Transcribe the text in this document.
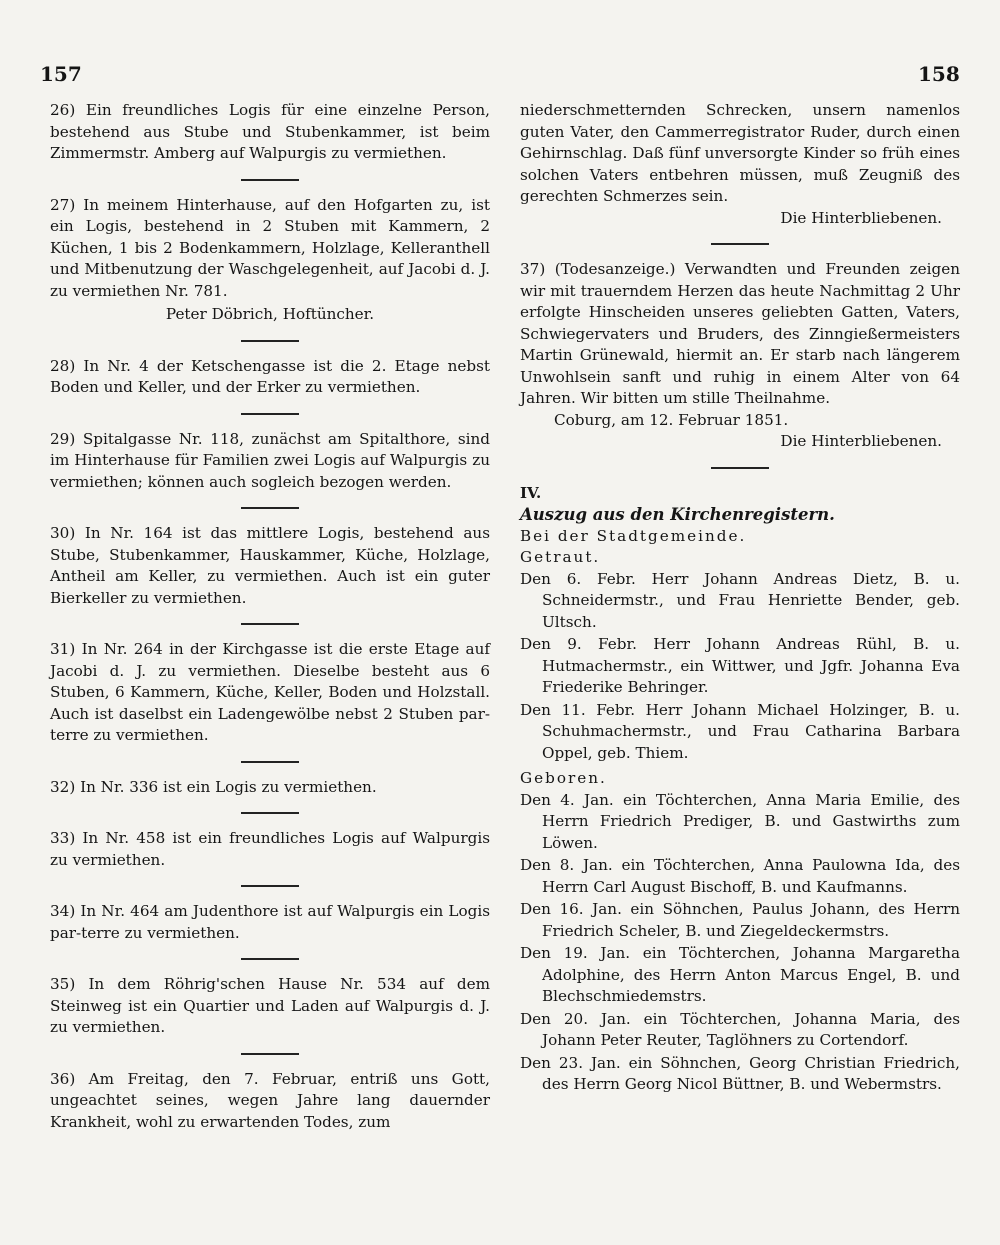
157	158

26) Ein freundliches Logis für eine einzelne Person, bestehend aus Stube und Stubenkammer, ist beim Zimmermstr. Amberg auf Walpurgis zu vermiethen.

27) In meinem Hinterhause, auf den Hofgarten zu, ist ein Logis, bestehend in 2 Stuben mit Kammern, 2 Küchen, 1 bis 2 Bodenkammern, Holzlage, Kelleranthell und Mitbenutzung der Waschgelegenheit, auf Jacobi d. J. zu vermiethen Nr. 781.

Peter Döbrich, Hoftüncher.

28) In Nr. 4 der Ketschengasse ist die 2. Etage nebst Boden und Keller, und der Erker zu vermiethen.

29) Spitalgasse Nr. 118, zunächst am Spitalthore, sind im Hinterhause für Familien zwei Logis auf Walpurgis zu vermiethen; können auch sogleich bezogen werden.

30) In Nr. 164 ist das mittlere Logis, bestehend aus Stube, Stubenkammer, Hauskammer, Küche, Holzlage, Antheil am Keller, zu vermiethen. Auch ist ein guter Bierkeller zu vermiethen.

31) In Nr. 264 in der Kirchgasse ist die erste Etage auf Jacobi d. J. zu vermiethen. Dieselbe besteht aus 6 Stuben, 6 Kammern, Küche, Keller, Boden und Holzstall. Auch ist daselbst ein Ladengewölbe nebst 2 Stuben par-terre zu vermiethen.

32) In Nr. 336 ist ein Logis zu vermiethen.

33) In Nr. 458 ist ein freundliches Logis auf Walpurgis zu vermiethen.

34) In Nr. 464 am Judenthore ist auf Walpurgis ein Logis par-terre zu vermiethen.

35) In dem Röhrig'schen Hause Nr. 534 auf dem Steinweg ist ein Quartier und Laden auf Walpurgis d. J. zu vermiethen.

36) Am Freitag, den 7. Februar, entriß uns Gott, ungeachtet seines, wegen Jahre lang dauernder Krankheit, wohl zu erwartenden Todes, zum

niederschmetternden Schrecken, unsern namenlos guten Vater, den Cammerregistrator Ruder, durch einen Gehirnschlag. Daß fünf unversorgte Kinder so früh eines solchen Vaters entbehren müssen, muß Zeugniß des gerechten Schmerzes sein.

Die Hinterbliebenen.

37) (Todesanzeige.) Verwandten und Freunden zeigen wir mit trauerndem Herzen das heute Nachmittag 2 Uhr erfolgte Hinscheiden unseres geliebten Gatten, Vaters, Schwiegervaters und Bruders, des Zinngießermeisters Martin Grünewald, hiermit an. Er starb nach längerem Unwohlsein sanft und ruhig in einem Alter von 64 Jahren. Wir bitten um stille Theilnahme.

Coburg, am 12. Februar 1851.

Die Hinterbliebenen.

IV.

Auszug aus den Kirchenregistern.

Bei der Stadtgemeinde.

Getraut.

Den 6. Febr. Herr Johann Andreas Dietz, B. u. Schneidermstr., und Frau Henriette Bender, geb. Ultsch.

Den 9. Febr. Herr Johann Andreas Rühl, B. u. Hutmachermstr., ein Wittwer, und Jgfr. Johanna Eva Friederike Behringer.

Den 11. Febr. Herr Johann Michael Holzinger, B. u. Schuhmachermstr., und Frau Catharina Barbara Oppel, geb. Thiem.

Geboren.

Den 4. Jan. ein Töchterchen, Anna Maria Emilie, des Herrn Friedrich Prediger, B. und Gastwirths zum Löwen.

Den 8. Jan. ein Töchterchen, Anna Paulowna Ida, des Herrn Carl August Bischoff, B. und Kaufmanns.

Den 16. Jan. ein Söhnchen, Paulus Johann, des Herrn Friedrich Scheler, B. und Ziegeldeckermstrs.

Den 19. Jan. ein Töchterchen, Johanna Margaretha Adolphine, des Herrn Anton Marcus Engel, B. und Blechschmiedemstrs.

Den 20. Jan. ein Töchterchen, Johanna Maria, des Johann Peter Reuter, Taglöhners zu Cortendorf.

Den 23. Jan. ein Söhnchen, Georg Christian Friedrich, des Herrn Georg Nicol Büttner, B. und Webermstrs.
